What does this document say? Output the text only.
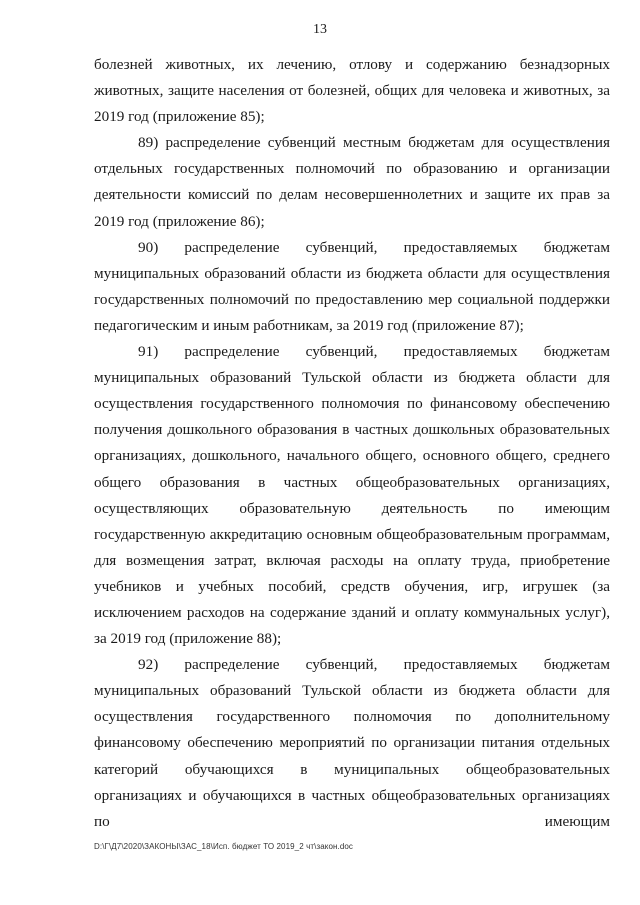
13

болезней животных, их лечению, отлову и содержанию безнадзорных животных, защите населения от болезней, общих для человека и животных, за 2019 год (приложение 85);

89) распределение субвенций местным бюджетам для осуществления отдельных государственных полномочий по образованию и организации деятельности комиссий по делам несовершеннолетних и защите их прав за 2019 год (приложение 86);

90) распределение субвенций, предоставляемых бюджетам муниципальных образований области из бюджета области для осуществления государственных полномочий по предоставлению мер социальной поддержки педагогическим и иным работникам, за 2019 год (приложение 87);

91) распределение субвенций, предоставляемых бюджетам муниципальных образований Тульской области из бюджета области для осуществления государственного полномочия по финансовому обеспечению получения дошкольного образования в частных дошкольных образовательных организациях, дошкольного, начального общего, основного общего, среднего общего образования в частных общеобразовательных организациях, осуществляющих образовательную деятельность по имеющим государственную аккредитацию основным общеобразовательным программам, для возмещения затрат, включая расходы на оплату труда, приобретение учебников и учебных пособий, средств обучения, игр, игрушек (за исключением расходов на содержание зданий и оплату коммунальных услуг), за 2019 год (приложение 88);

92) распределение субвенций, предоставляемых бюджетам муниципальных образований Тульской области из бюджета области для осуществления государственного полномочия по дополнительному финансовому обеспечению мероприятий по организации питания отдельных категорий обучающихся в муниципальных общеобразовательных организациях и обучающихся в частных общеобразовательных организациях по имеющим

D:\Г\Д7\2020\ЗАКОНЫ\ЗАС_18\Исп. бюджет ТО 2019_2 чт\закон.doc
